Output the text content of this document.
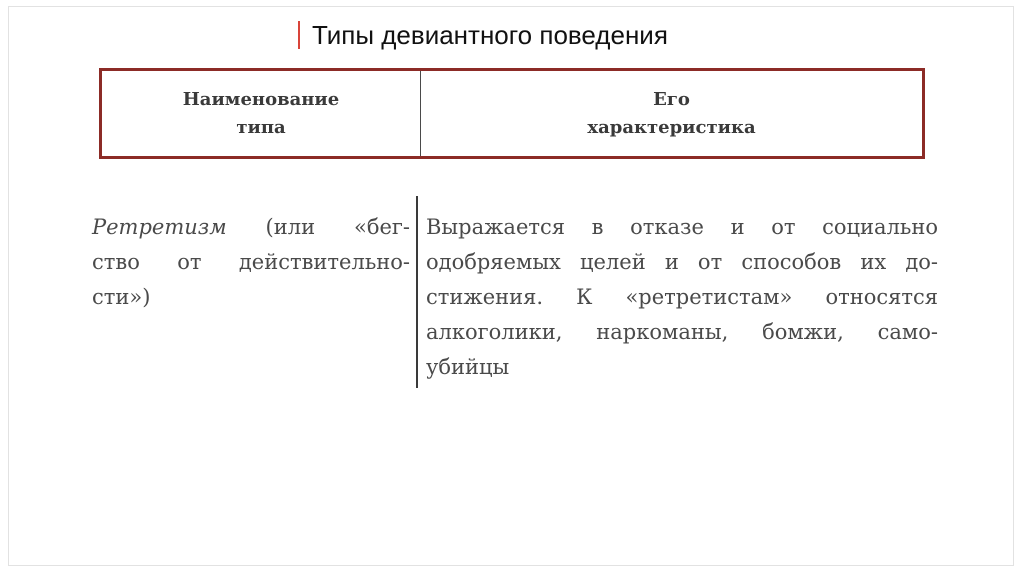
Типы девиантного поведения
Наименование
типа
Его
характеристика
Ретретизм (или «бег-
ство от действительно-
сти»)
Выражается в отказе и от социально
одобряемых целей и от способов их до-
стижения. К «ретретистам» относятся
алкоголики, наркоманы, бомжи, само-
убийцы
